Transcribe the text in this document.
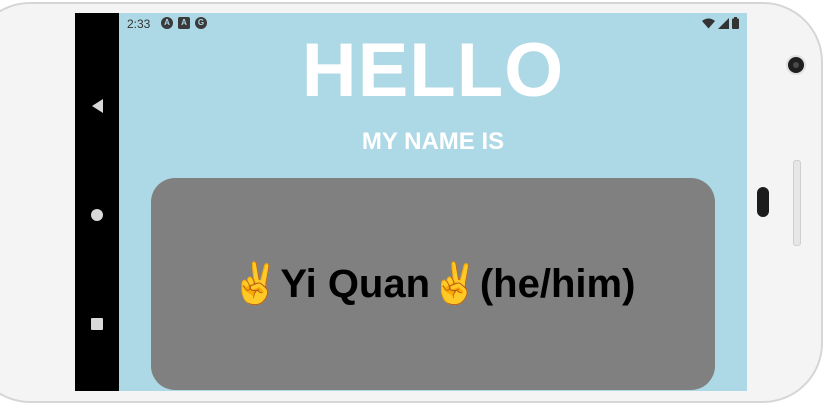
2:33	A	A	G
HELLO
MY NAME IS
✌️Yi Quan✌️(he/him)
